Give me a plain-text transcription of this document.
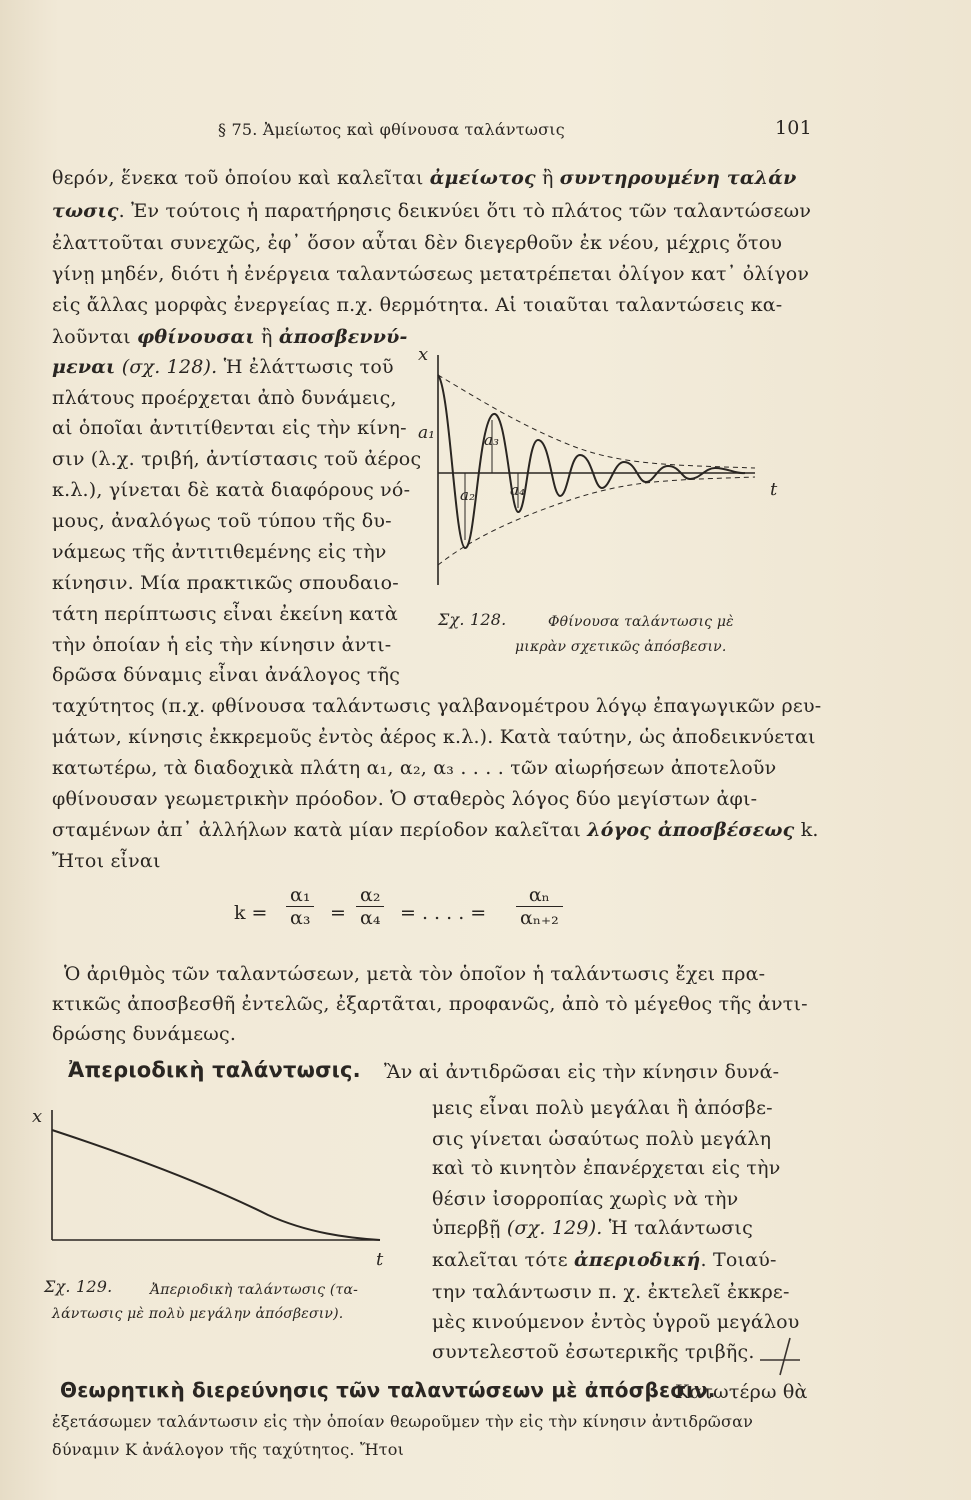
§ 75. Ἀμείωτος καὶ φθίνουσα ταλάντωσις	101
θερόν, ἕνεκα τοῦ ὁποίου καὶ καλεῖται ἀμείωτος ἢ συντηρουμένη ταλάν
τωσις. Ἐν τούτοις ἡ παρατήρησις δεικνύει ὅτι τὸ πλάτος τῶν ταλαντώσεων
ἐλαττοῦται συνεχῶς, ἐφ᾽ ὅσον αὗται δὲν διεγερθοῦν ἐκ νέου, μέχρις ὅτου
γίνῃ μηδέν, διότι ἡ ἐνέργεια ταλαντώσεως μετατρέπεται ὀλίγον κατ᾽ ὀλίγον
εἰς ἄλλας μορφὰς ἐνεργείας π.χ. θερμότητα. Αἱ τοιαῦται ταλαντώσεις κα-
λοῦνται φθίνουσαι ἢ ἀποσβεννύ-
μεναι (σχ. 128). Ἡ ἐλάττωσις τοῦ
πλάτους προέρχεται ἀπὸ δυνάμεις,
αἱ ὁποῖαι ἀντιτίθενται εἰς τὴν κίνη-
σιν (λ.χ. τριβή, ἀντίστασις τοῦ ἀέρος
κ.λ.), γίνεται δὲ κατὰ διαφόρους νό-
μους, ἀναλόγως τοῦ τύπου τῆς δυ-
νάμεως τῆς ἀντιτιθεμένης εἰς τὴν
κίνησιν. Μία πρακτικῶς σπουδαιο-
τάτη περίπτωσις εἶναι ἐκείνη κατὰ
τὴν ὁποίαν ἡ εἰς τὴν κίνησιν ἀντι-
δρῶσα δύναμις εἶναι ἀνάλογος τῆς
ταχύτητος (π.χ. φθίνουσα ταλάντωσις γαλβανομέτρου λόγῳ ἐπαγωγικῶν ρευ-
μάτων, κίνησις ἐκκρεμοῦς ἐντὸς ἀέρος κ.λ.). Κατὰ ταύτην, ὡς ἀποδεικνύεται
κατωτέρω, τὰ διαδοχικὰ πλάτη α₁, α₂, α₃ . . . . τῶν αἰωρήσεων ἀποτελοῦν
φθίνουσαν γεωμετρικὴν πρόοδον. Ὁ σταθερὸς λόγος δύο μεγίστων ἀφι-
σταμένων ἀπ᾽ ἀλλήλων κατὰ μίαν περίοδον καλεῖται λόγος ἀποσβέσεως k.
Ἤτοι εἶναι
x
t
a₁
a₂
a₃
a₄
Σχ. 128.	Φθίνουσα ταλάντωσις μὲ
μικρὰν σχετικῶς ἀπόσβεσιν.
$k = \frac{\text{α₁}}{\text{α₃}} = \frac{\text{α₂}}{\text{α₄}}$ = . . . . = $\frac{\text{αₙ}}{\text{αₙ₊₂}}$
Ὁ ἀριθμὸς τῶν ταλαντώσεων, μετὰ τὸν ὁποῖον ἡ ταλάντωσις ἔχει πρα-
κτικῶς ἀποσβεσθῆ ἐντελῶς, ἐξαρτᾶται, προφανῶς, ἀπὸ τὸ μέγεθος τῆς ἀντι-
δρώσης δυνάμεως.
Ἀπεριοδικὴ ταλάντωσις. Ἂν αἱ ἀντιδρῶσαι εἰς τὴν κίνησιν δυνά-
μεις εἶναι πολὺ μεγάλαι ἢ ἀπόσβε-
σις γίνεται ὡσαύτως πολὺ μεγάλη
καὶ τὸ κινητὸν ἐπανέρχεται εἰς τὴν
θέσιν ἰσορροπίας χωρὶς νὰ τὴν
ὑπερβῇ (σχ. 129). Ἡ ταλάντωσις
καλεῖται τότε ἀπεριοδική. Τοιαύ-
την ταλάντωσιν π. χ. ἐκτελεῖ ἐκκρε-
μὲς κινούμενον ἐντὸς ὑγροῦ μεγάλου
συντελεστοῦ ἐσωτερικῆς τριβῆς.
x
t
Σχ. 129.	Ἀπεριοδικὴ ταλάντωσις (τα-
λάντωσις μὲ πολὺ μεγάλην ἀπόσβεσιν).
Θεωρητικὴ διερεύνησις τῶν ταλαντώσεων μὲ ἀπόσβεσιν.
Κατωτέρω θὰ
ἐξετάσωμεν ταλάντωσιν εἰς τὴν ὁποίαν θεωροῦμεν τὴν εἰς τὴν κίνησιν ἀντιδρῶσαν
δύναμιν K ἀνάλογον τῆς ταχύτητος. Ἤτοι
